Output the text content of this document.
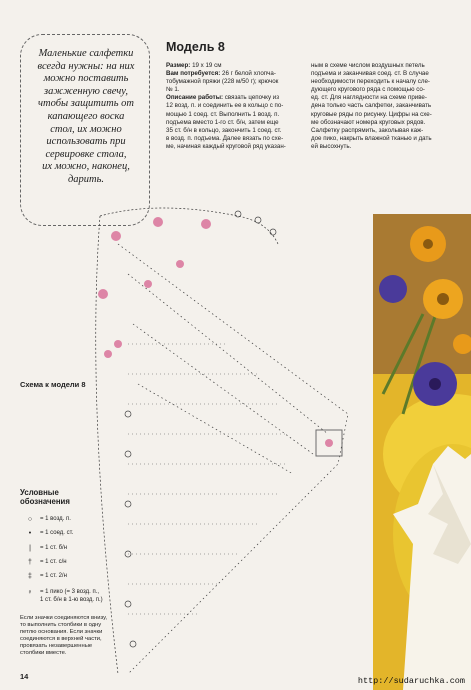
Маленькие салфетки
всегда нужны: на них
можно поставить
зажженную свечу,
чтобы защитить от
капающего воска
стол, их можно
использовать при
сервировке стола,
их можно, наконец,
дарить.
Модель 8
Размер: 19 х 19 см
Вам потребуется: 26 г белой хлопча-
тобумажной пряжи (228 м/50 г); крючок
№ 1.
Описание работы: связать цепочку из
12 возд. п. и соединить ее в кольцо с по-
мощью 1 соед. ст. Выполнить 1 возд. п.
подъема вместо 1-го ст. б/н, затем еще
35 ст. б/н в кольцо, закончить 1 соед. ст.
в возд. п. подъема. Далее вязать по схе-
ме, начиная каждый круговой ряд указан-
ным в схеме числом воздушных петель
подъема и заканчивая соед. ст. В случае
необходимости переходить к началу сле-
дующего кругового ряда с помощью со-
ед. ст. Для наглядности на схеме приве-
дена только часть салфетки, заканчивать
круговые ряды по рисунку. Цифры на схе-
ме обозначают номера круговых рядов.
Салфетку распрямить, заколывая каж-
дое пико, накрыть влажной тканью и дать
ей высохнуть.
Схема к модели 8
Условные
обозначения
○	= 1 возд. п.
•	= 1 соед. ст.
|	= 1 ст. б/н
†	= 1 ст. с/н
‡	= 1 ст. 2/н
♀	= 1 пико (= 3 возд. п.,
1 ст. б/н в 1-ю возд. п.)
Если значки соединяются внизу,
то выполнить столбики в одну
петлю основания. Если значки
соединяются в верхней части,
провязать незавершенные
столбики вместе.
14	http://sudaruchka.com
